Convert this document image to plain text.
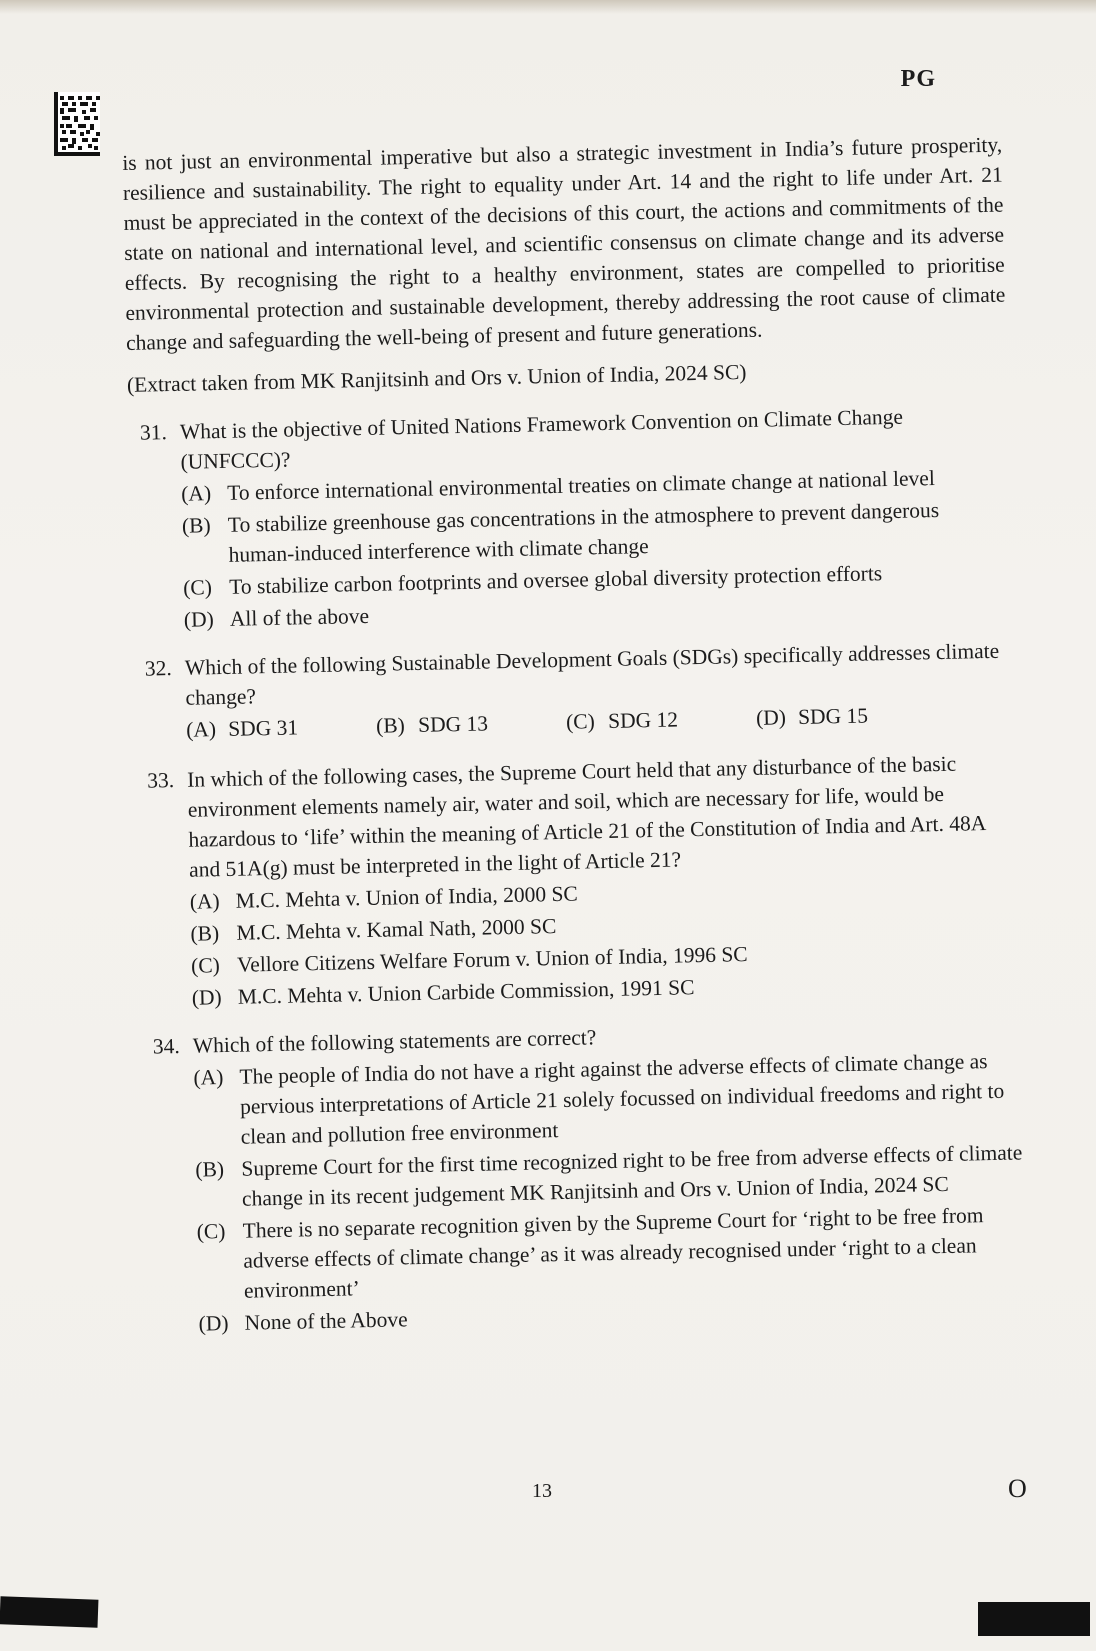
PG

is not just an environmental imperative but also a strategic investment in India’s future prosperity, resilience and sustainability. The right to equality under Art. 14 and the right to life under Art. 21 must be appreciated in the context of the decisions of this court, the actions and commitments of the state on national and international level, and scientific consensus on climate change and its adverse effects. By recognising the right to a healthy environment, states are compelled to prioritise environmental protection and sustainable development, thereby addressing the root cause of climate change and safeguarding the well-being of present and future generations.

(Extract taken from MK Ranjitsinh and Ors v. Union of India, 2024 SC)

31. What is the objective of United Nations Framework Convention on Climate Change (UNFCCC)?
(A) To enforce international environmental treaties on climate change at national level
(B) To stabilize greenhouse gas concentrations in the atmosphere to prevent dangerous human-induced interference with climate change
(C) To stabilize carbon footprints and oversee global diversity protection efforts
(D) All of the above
32. Which of the following Sustainable Development Goals (SDGs) specifically addresses climate change?
(A) SDG 31	(B) SDG 13	(C) SDG 12	(D) SDG 15
33. In which of the following cases, the Supreme Court held that any disturbance of the basic environment elements namely air, water and soil, which are necessary for life, would be hazardous to ‘life’ within the meaning of Article 21 of the Constitution of India and Art. 48A and 51A(g) must be interpreted in the light of Article 21?
(A) M.C. Mehta v. Union of India, 2000 SC
(B) M.C. Mehta v. Kamal Nath, 2000 SC
(C) Vellore Citizens Welfare Forum v. Union of India, 1996 SC
(D) M.C. Mehta v. Union Carbide Commission, 1991 SC
34. Which of the following statements are correct?
(A) The people of India do not have a right against the adverse effects of climate change as pervious interpretations of Article 21 solely focussed on individual freedoms and right to clean and pollution free environment
(B) Supreme Court for the first time recognized right to be free from adverse effects of climate change in its recent judgement MK Ranjitsinh and Ors v. Union of India, 2024 SC
(C) There is no separate recognition given by the Supreme Court for ‘right to be free from adverse effects of climate change’ as it was already recognised under ‘right to a clean environment’
(D) None of the Above
13	O
